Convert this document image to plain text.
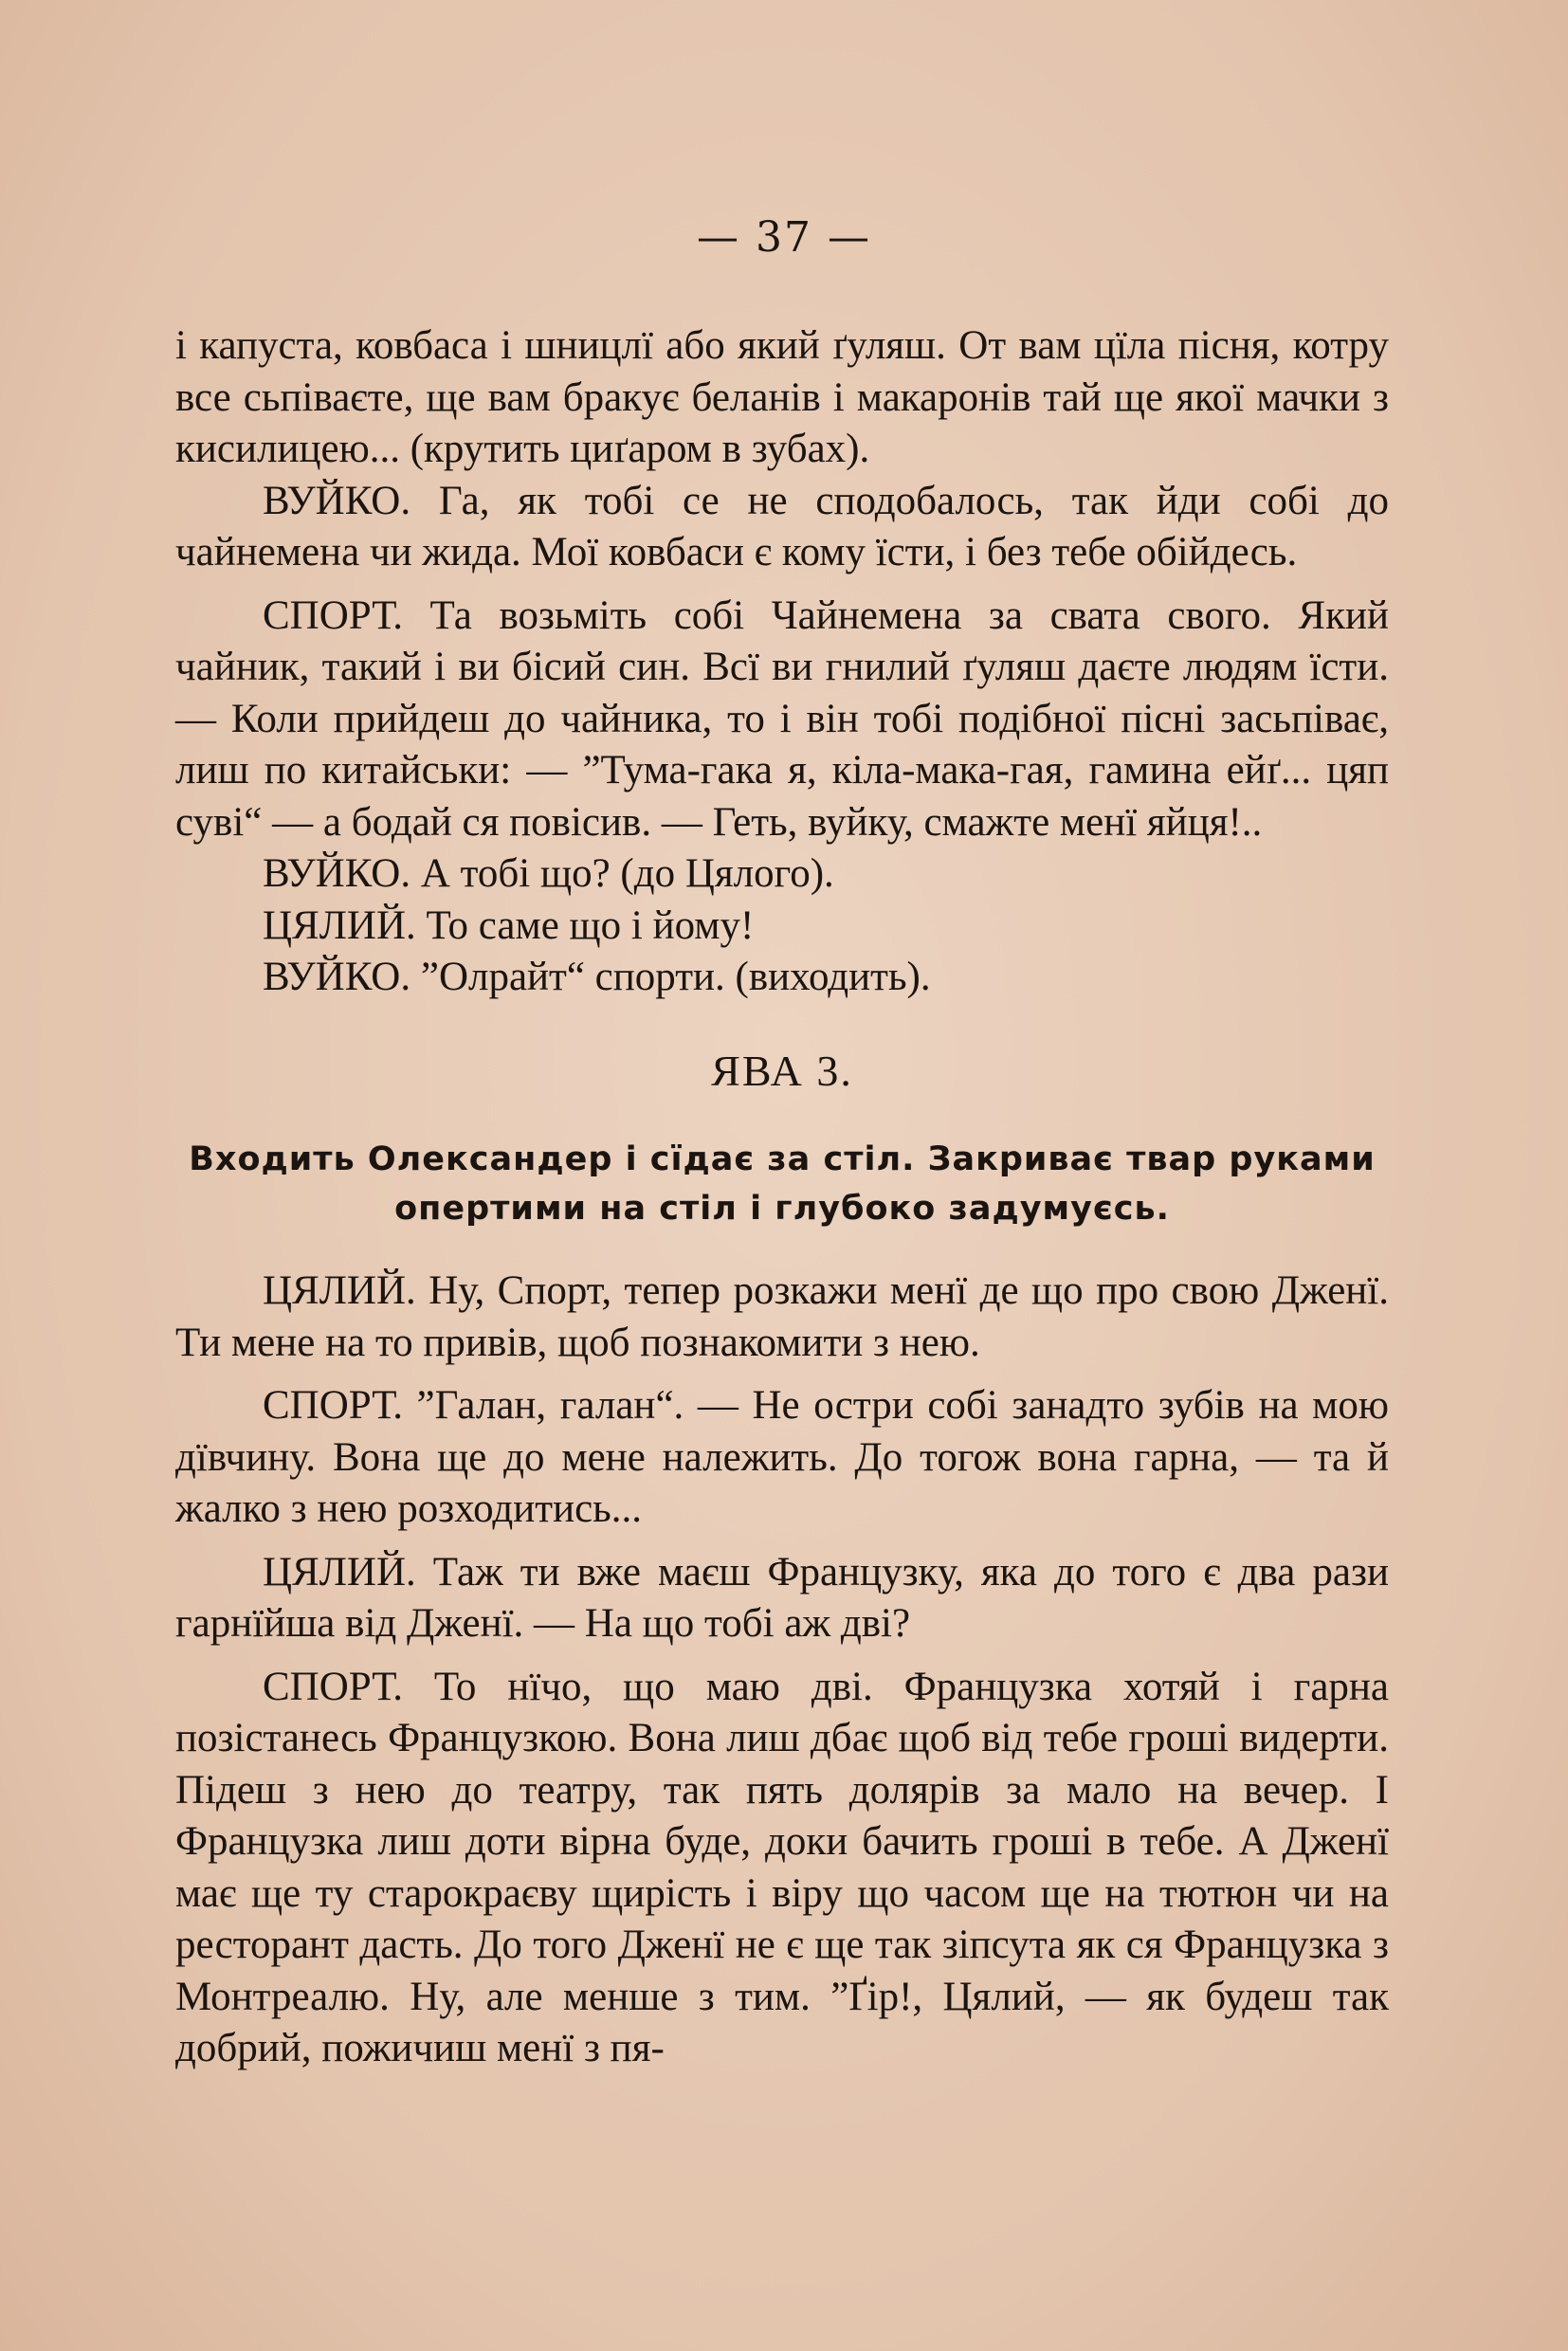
— 37 —

і капуста, ковбаса і шницлї або який ґуляш. От вам цїла пісня, котру все сьпіваєте, ще вам бракує беланів і макаронів тай ще якої мачки з кисилицею... (крутить циґаром в зубах).

ВУЙКО. Га, як тобі се не сподобалось, так йди собі до чайнемена чи жида. Мої ковбаси є кому їсти, і без тебе обійдесь.

СПОРТ. Та возьміть собі Чайнемена за свата свого. Який чайник, такий і ви бісий син. Всї ви гнилий ґуляш даєте людям їсти. — Коли прийдеш до чайника, то і він тобі подібної пісні засьпіває, лиш по китайськи: — ”Тума-гака я, кіла-мака-гая, гамина ейґ... цяп суві“ — а бодай ся повісив. — Геть, вуйку, смажте менї яйця!..

ВУЙКО. А тобі що? (до Цялого).

ЦЯЛИЙ. То саме що і йому!

ВУЙКО. ”Олрайт“ спорти. (виходить).

ЯВА 3.

Входить Олександер і сїдає за стіл. Закриває твар руками опертими на стіл і глубоко задумуєсь.

ЦЯЛИЙ. Ну, Спорт, тепер розкажи менї де що про свою Дженї. Ти мене на то привів, щоб познакомити з нею.

СПОРТ. ”Галан, галан“. — Не остри собі занадто зубів на мою дївчину. Вона ще до мене належить. До тогож вона гарна, — та й жалко з нею розходитись...

ЦЯЛИЙ. Таж ти вже маєш Французку, яка до того є два рази гарнїйша від Дженї. — На що тобі аж дві?

СПОРТ. То нїчо, що маю дві. Французка хотяй і гарна позістанесь Французкою. Вона лиш дбає щоб від тебе гроші видерти. Підеш з нею до театру, так пять долярів за мало на вечер. І Французка лиш доти вірна буде, доки бачить гроші в тебе. А Дженї має ще ту старокраєву щирість і віру що часом ще на тютюн чи на ресторант дасть. До того Дженї не є ще так зіпсута як ся Французка з Монтреалю. Ну, але менше з тим. ”Ґір!, Цялий, — як будеш так добрий, пожичиш менї з пя-
